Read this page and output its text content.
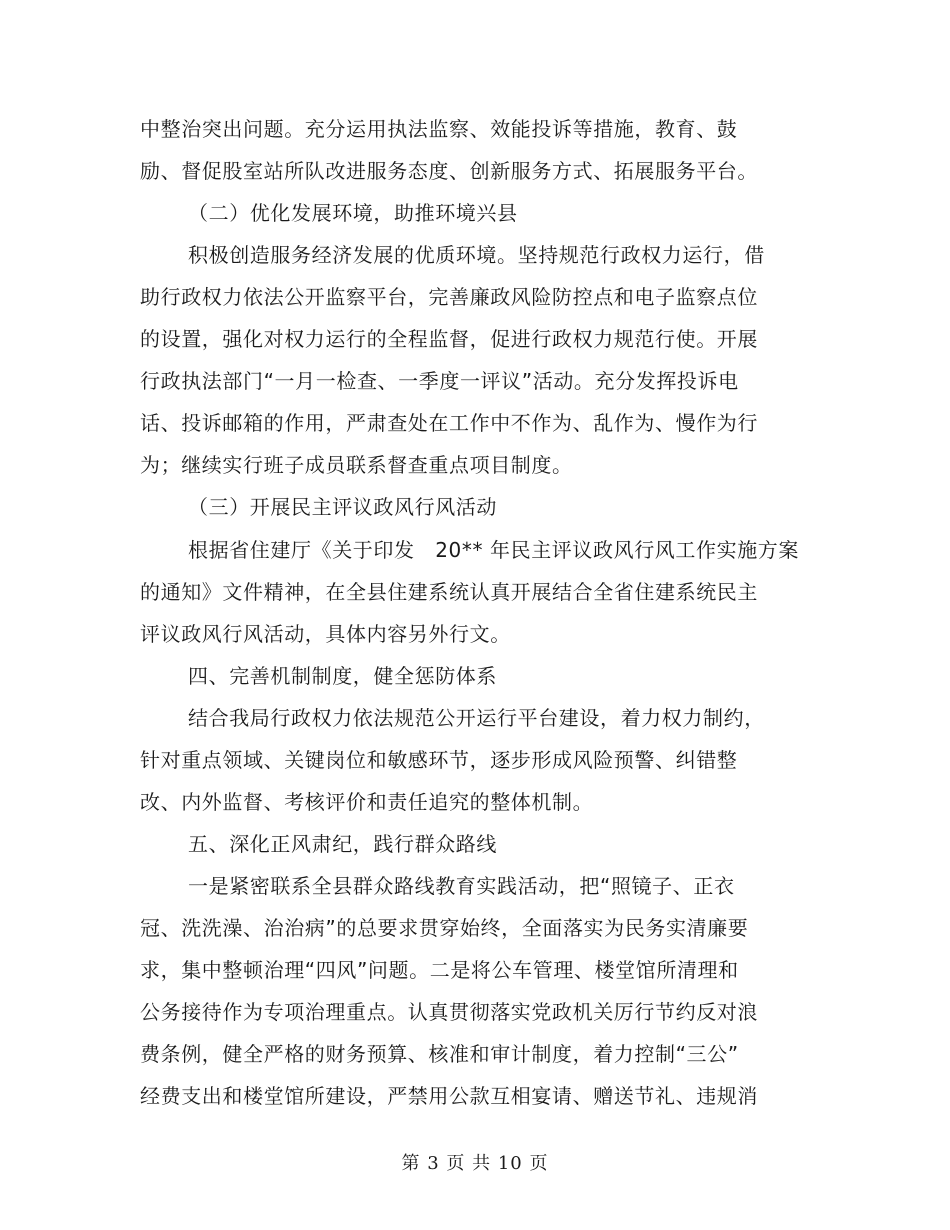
中整治突出问题。充分运用执法监察、效能投诉等措施，教育、鼓
励、督促股室站所队改进服务态度、创新服务方式、拓展服务平台。
（二）优化发展环境，助推环境兴县
积极创造服务经济发展的优质环境。坚持规范行政权力运行，借
助行政权力依法公开监察平台，完善廉政风险防控点和电子监察点位
的设置，强化对权力运行的全程监督，促进行政权力规范行使。开展
行政执法部门“一月一检查、一季度一评议”活动。充分发挥投诉电
话、投诉邮箱的作用，严肃查处在工作中不作为、乱作为、慢作为行
为；继续实行班子成员联系督查重点项目制度。
（三）开展民主评议政风行风活动
根据省住建厅《关于印发　20** 年民主评议政风行风工作实施方案
的通知》文件精神，在全县住建系统认真开展结合全省住建系统民主
评议政风行风活动，具体内容另外行文。
四、完善机制制度，健全惩防体系
结合我局行政权力依法规范公开运行平台建设，着力权力制约，
针对重点领域、关键岗位和敏感环节，逐步形成风险预警、纠错整
改、内外监督、考核评价和责任追究的整体机制。
五、深化正风肃纪，践行群众路线
一是紧密联系全县群众路线教育实践活动，把“照镜子、正衣
冠、洗洗澡、治治病”的总要求贯穿始终，全面落实为民务实清廉要
求，集中整顿治理“四风”问题。二是将公车管理、楼堂馆所清理和
公务接待作为专项治理重点。认真贯彻落实党政机关厉行节约反对浪
费条例，健全严格的财务预算、核准和审计制度，着力控制“三公”
经费支出和楼堂馆所建设，严禁用公款互相宴请、赠送节礼、违规消
第 3 页 共 10 页
